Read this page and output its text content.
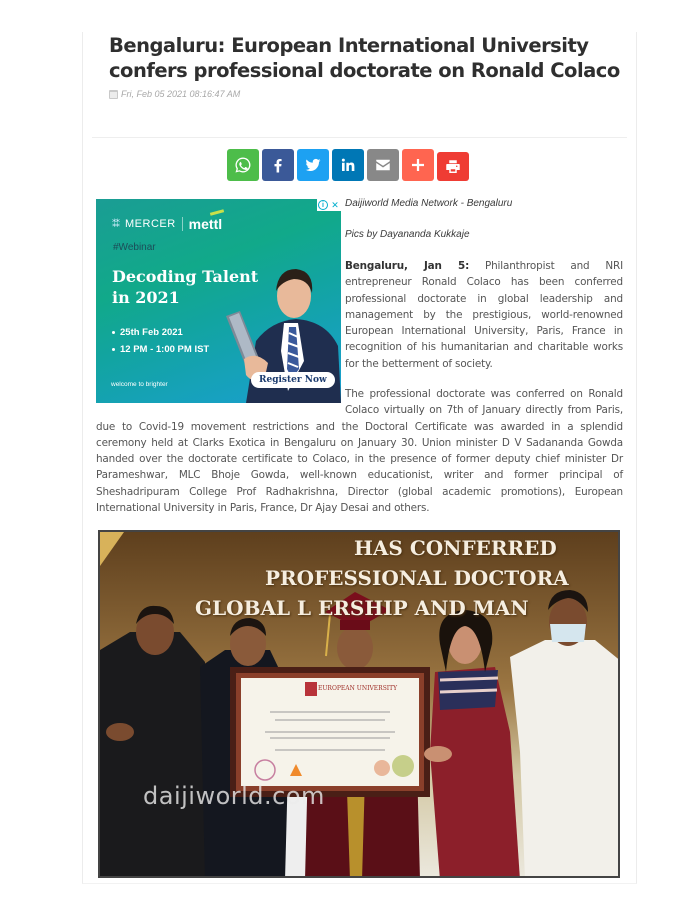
Bengaluru: European International University confers professional doctorate on Ronald Colaco
Fri, Feb 05 2021 08:16:47 AM
i ✕
⁑⁑ MERCER mettl
#Webinar
Decoding Talent in 2021
25th Feb 2021
12 PM - 1:00 PM IST
welcome to brighter	Register Now
Daijiworld Media Network - Bengaluru
Pics by Dayananda Kukkaje

Bengaluru, Jan 5: Philanthropist and NRI entrepreneur Ronald Colaco has been conferred professional doctorate in global leadership and management by the prestigious, world-renowned European International University, Paris, France in recognition of his humanitarian and charitable works for the betterment of society.

The professional doctorate was conferred on Ronald Colaco virtually on 7th of January directly from Paris, due to Covid-19 movement restrictions and the Doctoral Certificate was awarded in a splendid ceremony held at Clarks Exotica in Bengaluru on January 30. Union minister D V Sadananda Gowda handed over the doctorate certificate to Colaco, in the presence of former deputy chief minister Dr Parameshwar, MLC Bhoje Gowda, well-known educationist, writer and former principal of Sheshadripuram College Prof Radhakrishna, Director (global academic promotions), European International University in Paris, France, Dr Ajay Desai and others.

HAS CONFERRED
PROFESSIONAL DOCTORA
GLOBAL L ERSHIP AND MAN
EUROPEAN UNIVERSITY
daijiworld.com
